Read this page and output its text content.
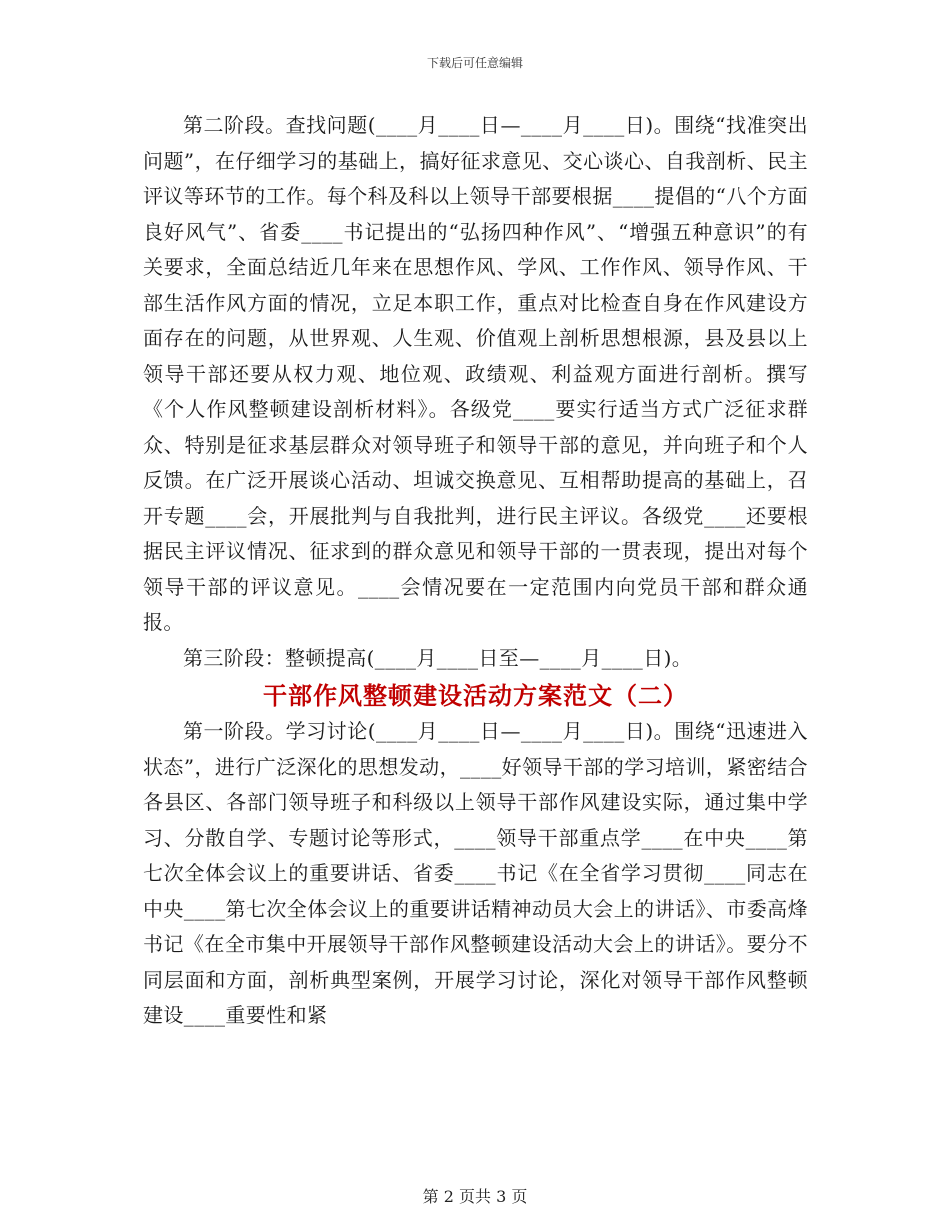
下载后可任意编辑

第二阶段。查找问题(____月____日—____月____日)。围绕“找准突出问题”，在仔细学习的基础上，搞好征求意见、交心谈心、自我剖析、民主评议等环节的工作。每个科及科以上领导干部要根据____提倡的“八个方面良好风气”、省委____书记提出的“弘扬四种作风”、“增强五种意识”的有关要求，全面总结近几年来在思想作风、学风、工作作风、领导作风、干部生活作风方面的情况，立足本职工作，重点对比检查自身在作风建设方面存在的问题，从世界观、人生观、价值观上剖析思想根源，县及县以上领导干部还要从权力观、地位观、政绩观、利益观方面进行剖析。撰写《个人作风整顿建设剖析材料》。各级党____要实行适当方式广泛征求群众、特别是征求基层群众对领导班子和领导干部的意见，并向班子和个人反馈。在广泛开展谈心活动、坦诚交换意见、互相帮助提高的基础上，召开专题____会，开展批判与自我批判，进行民主评议。各级党____还要根据民主评议情况、征求到的群众意见和领导干部的一贯表现，提出对每个领导干部的评议意见。____会情况要在一定范围内向党员干部和群众通报。

第三阶段：整顿提高(____月____日至—____月____日)。

干部作风整顿建设活动方案范文（二）

第一阶段。学习讨论(____月____日—____月____日)。围绕“迅速进入状态”，进行广泛深化的思想发动，____好领导干部的学习培训，紧密结合各县区、各部门领导班子和科级以上领导干部作风建设实际，通过集中学习、分散自学、专题讨论等形式，____领导干部重点学____在中央____第七次全体会议上的重要讲话、省委____书记《在全省学习贯彻____同志在中央____第七次全体会议上的重要讲话精神动员大会上的讲话》、市委高烽书记《在全市集中开展领导干部作风整顿建设活动大会上的讲话》。要分不同层面和方面，剖析典型案例，开展学习讨论，深化对领导干部作风整顿建设____重要性和紧

第 2 页共 3 页
